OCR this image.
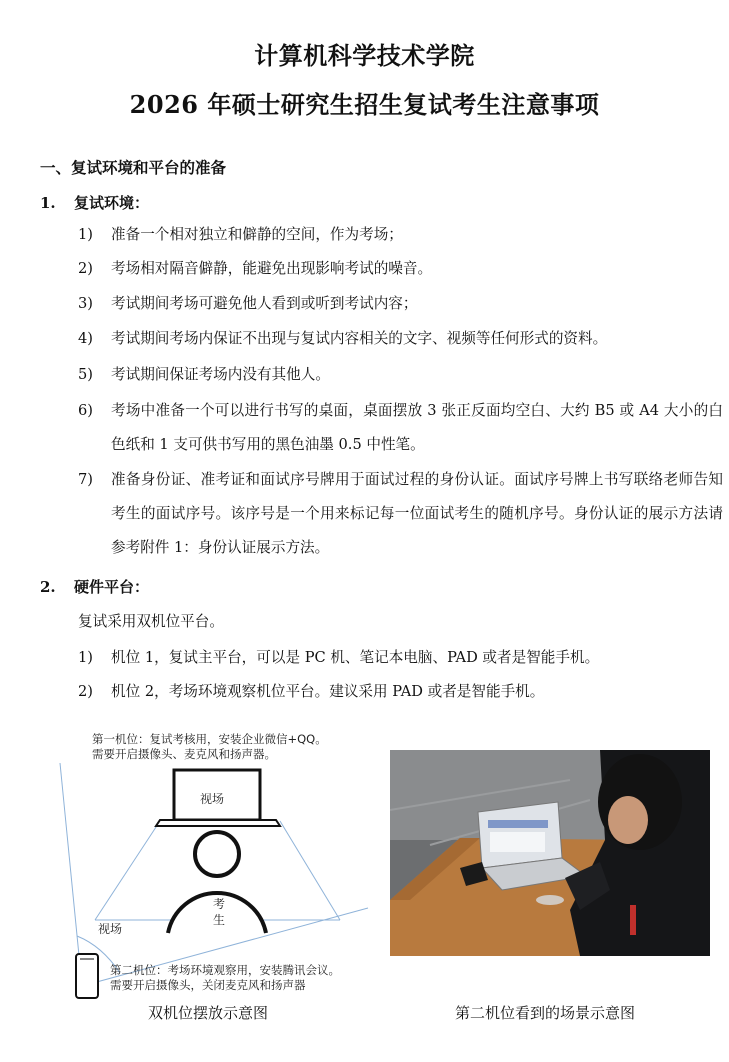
计算机科学技术学院
2026 年硕士研究生招生复试考生注意事项
一、复试环境和平台的准备
1. 复试环境：
1)	准备一个相对独立和僻静的空间，作为考场；
2)	考场相对隔音僻静，能避免出现影响考试的噪音。
3)	考试期间考场可避免他人看到或听到考试内容；
4)	考试期间考场内保证不出现与复试内容相关的文字、视频等任何形式的资料。
5)	考试期间保证考场内没有其他人。
6)	考场中准备一个可以进行书写的桌面，桌面摆放 3 张正反面均空白、大约 B5 或 A4 大小的白色纸和 1 支可供书写用的黑色油墨 0.5 中性笔。
7)	准备身份证、准考证和面试序号牌用于面试过程的身份认证。面试序号牌上书写联络老师告知考生的面试序号。该序号是一个用来标记每一位面试考生的随机序号。身份认证的展示方法请参考附件 1：身份认证展示方法。
2. 硬件平台：
复试采用双机位平台。
1)	机位 1，复试主平台，可以是 PC 机、笔记本电脑、PAD 或者是智能手机。
2)	机位 2，考场环境观察机位平台。建议采用 PAD 或者是智能手机。
第一机位：复试考核用，安装企业微信+QQ。
需要开启摄像头、麦克风和扬声器。
视场
考
生
视场
第二机位：考场环境观察用，安装腾讯会议。
需要开启摄像头，关闭麦克风和扬声器
双机位摆放示意图	第二机位看到的场景示意图
